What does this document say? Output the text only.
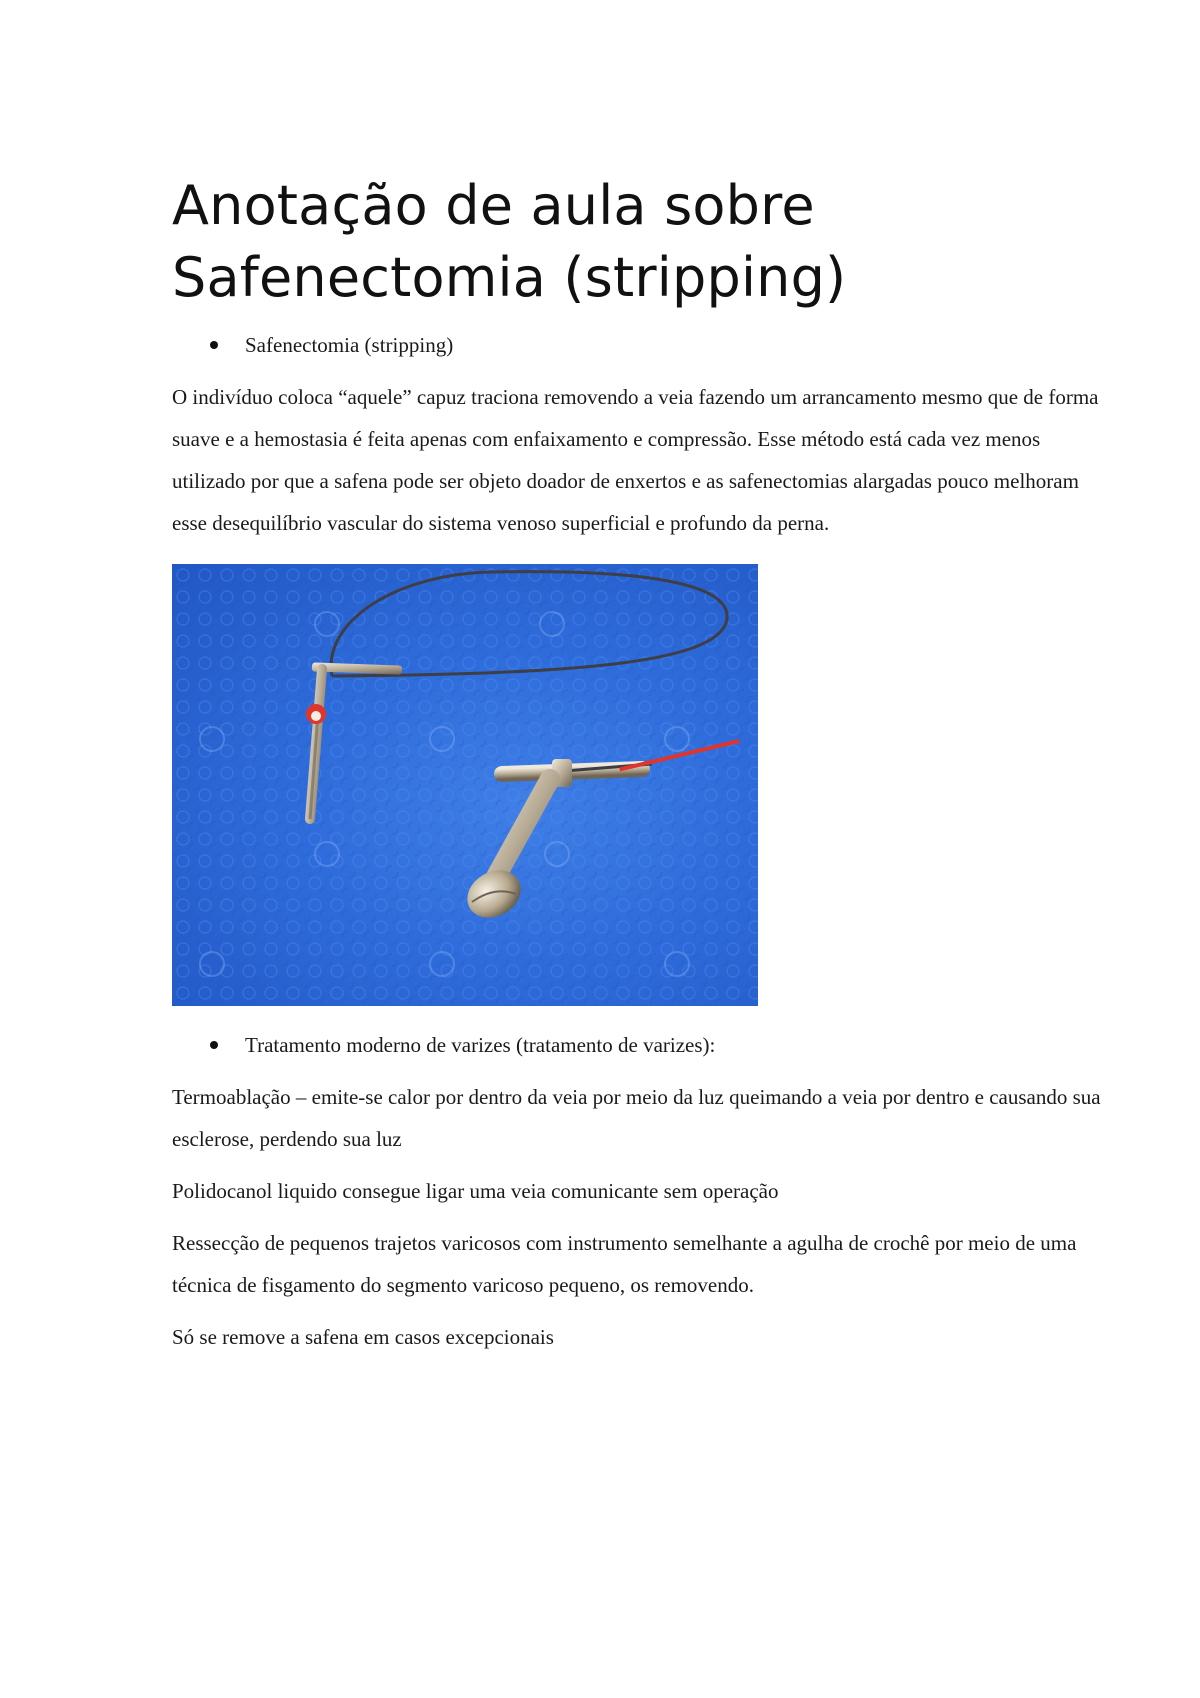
Anotação de aula sobre Safenectomia (stripping)
Safenectomia (stripping)

O indivíduo coloca “aquele” capuz traciona removendo a veia fazendo um arrancamento mesmo que de forma suave e a hemostasia é feita apenas com enfaixamento e compressão. Esse método está cada vez menos utilizado por que a safena pode ser objeto doador de enxertos e as safenectomias alargadas pouco melhoram esse desequilíbrio vascular do sistema venoso superficial e profundo da perna.

Tratamento moderno de varizes (tratamento de varizes):

Termoablação – emite-se calor por dentro da veia por meio da luz queimando a veia por dentro e causando sua esclerose, perdendo sua luz

Polidocanol liquido consegue ligar uma veia comunicante sem operação

Ressecção de pequenos trajetos varicosos com instrumento semelhante a agulha de crochê por meio de uma técnica de fisgamento do segmento varicoso pequeno, os removendo.

Só se remove a safena em casos excepcionais
